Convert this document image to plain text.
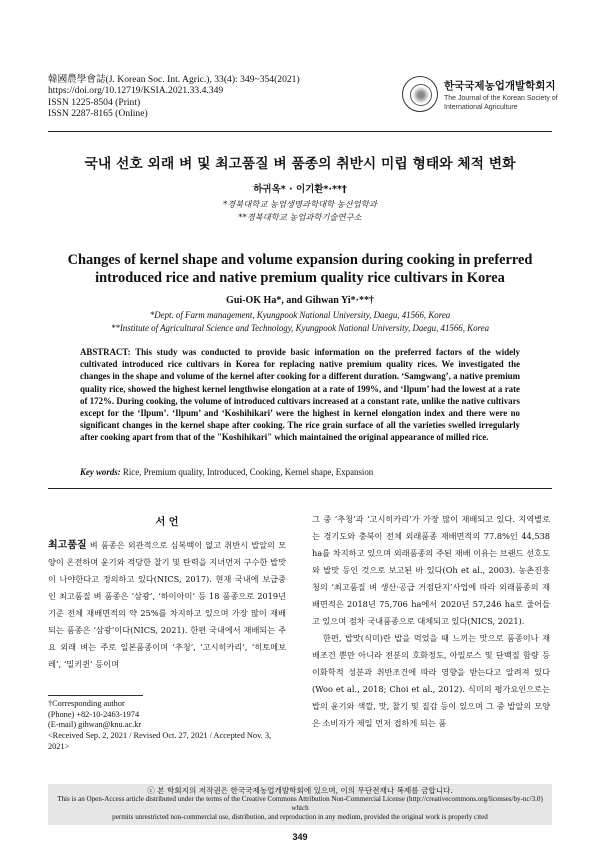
韓國農學會誌(J. Korean Soc. Int. Agric.), 33(4): 349~354(2021)
https://doi.org/10.12719/KSIA.2021.33.4.349
ISSN 1225-8504 (Print)
ISSN 2287-8165 (Online)
한국국제농업개발학회지
The Journal of the Korean Society of International Agriculture
국내 선호 외래 벼 및 최고품질 벼 품종의 취반시 미립 형태와 체적 변화
하귀옥* · 이기환*·**†
*경북대학교 농업생명과학대학 농산업학과
**경북대학교 농업과학기술연구소
Changes of kernel shape and volume expansion during cooking in preferred
introduced rice and native premium quality rice cultivars in Korea
Gui-OK Ha*, and Gihwan Yi*·**†
*Dept. of Farm management, Kyungpook National University, Daegu, 41566, Korea
**Institute of Agricultural Science and Technology, Kyungpook National University, Daegu, 41566, Korea
ABSTRACT: This study was conducted to provide basic information on the preferred factors of the widely cultivated introduced rice cultivars in Korea for replacing native premium quality rices. We investigated the changes in the shape and volume of the kernel after cooking for a different duration. ‘Samgwang’, a native premium quality rice, showed the highest kernel lengthwise elongation at a rate of 199%, and ‘Ilpum’ had the lowest at a rate of 172%. During cooking, the volume of introduced cultivars increased at a constant rate, unlike the native cultivars except for the ‘Ilpum’. ‘Ilpum’ and ‘Koshihikari’ were the highest in kernel elongation index and there were no significant changes in the kernel shape after cooking. The rice grain surface of all the varieties swelled irregularly after cooking apart from that of the "Koshihikari" which maintained the original appearance of milled rice.
Key words: Rice, Premium quality, Introduced, Cooking, Kernel shape, Expansion
서 언

최고품질 벼 품종은 외관적으로 심복백이 없고 취반시 밥알의 모양이 온전하며 윤기와 적당한 찰기 및 탄력을 지녀먼저 구수한 밥맛이 나야한다고 정의하고 있다(NICS, 2017). 현재 국내에 보급중인 최고품질 벼 품종은 ‘삼광’, ‘하이아미’ 등 18 품종으로 2019년 기준 전체 재배면적의 약 25%를 차지하고 있으며 가장 많이 재배되는 품종은 ‘삼광’이다(NICS, 2021). 한편 국내에서 재배되는 주요 외래 벼는 주로 일본품종이며 ‘추청’, ‘고시히카리’, ‘히토메보레’, ‘밀키퀸’ 등이며

†Corresponding author
(Phone) +82-10-2463-1974
(E-mail) gihwan@knu.ac.kr
<Received Sep. 2, 2021 / Revised Oct. 27, 2021 / Accepted Nov. 3, 2021>

그 중 ‘추청’과 ‘고시히카리’가 가장 많이 재배되고 있다. 지역별로는 경기도와 충북이 전체 외래품종 재배면적의 77.8%인 44,538 ha를 차지하고 있으며 외래품종의 주된 재배 이유는 브랜드 선호도와 밥맛 등인 것으로 보고된 바 있다(Oh et al., 2003). 농촌진흥청의 ‘최고품질 벼 생산·공급 거점단지’사업에 따라 외래품종의 재배면적은 2018년 75,706 ha에서 2020년 57,246 ha로 줄어들고 있으며 점차 국내품종으로 대체되고 있다(NICS, 2021).

한편, 밥맛(식미)란 밥을 먹었을 때 느끼는 맛으로 품종이나 재배조건 뿐만 아니라 전분의 호화정도, 아밀로스 및 단백질 함량 등 이화학적 성분과 취반조건에 따라 영향을 받는다고 알려져 있다(Woo et al., 2018; Choi et al., 2012). 식미의 평가요인으로는 밥의 윤기와 색깔, 맛, 찰기 및 질감 등이 있으며 그 중 밥알의 모양은 소비자가 제일 먼저 접하게 되는 품

ⓒ 본 학회지의 저작권은 한국국제농업개발학회에 있으며, 이의 무단전재나 복제를 금합니다.
This is an Open-Access article distributed under the terms of the Creative Commons Attribution Non-Commercial License (http://creativecommons.org/licenses/by-nc/3.0) which
permits unrestricted non-commercial use, distribution, and reproduction in any medium, provided the original work is properly cited
349
